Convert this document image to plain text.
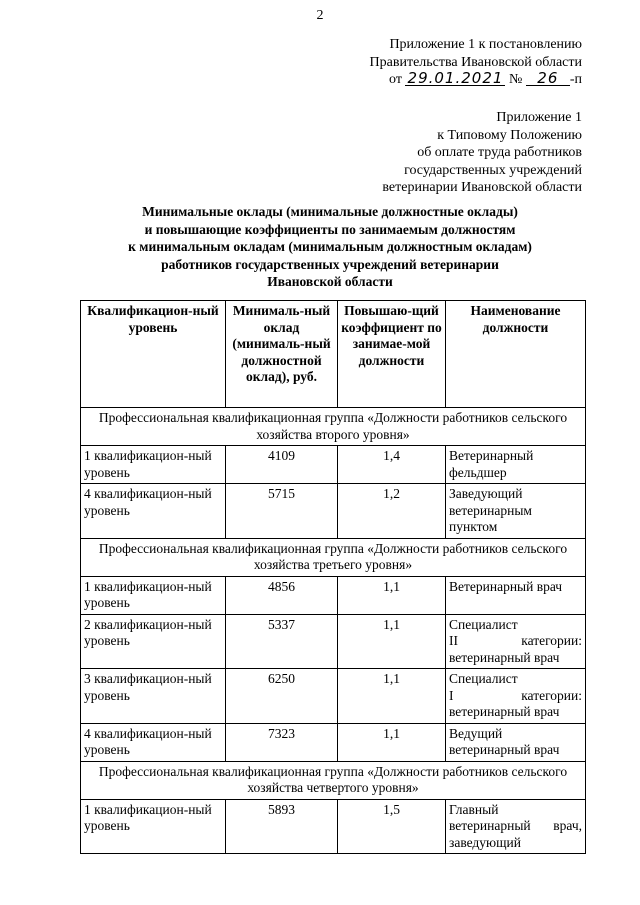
2
Приложение 1 к постановлению
Правительства Ивановской области
от 29.01.2021 № 26 -п
Приложение 1
к Типовому Положению
об оплате труда работников
государственных учреждений
ветеринарии Ивановской области
Минимальные оклады (минимальные должностные оклады)
и повышающие коэффициенты по занимаемым должностям
к минимальным окладам (минимальным должностным окладам)
работников государственных учреждений ветеринарии
Ивановской области
Квалификацион-ный уровень	Минималь-ный оклад (минималь-ный должностной оклад), руб.	Повышаю-щий коэффициент по занимае-мой должности	Наименование должности
Профессиональная квалификационная группа «Должности работников сельского хозяйства второго уровня»			
1 квалификацион-ный уровень	4109	1,4	Ветеринарный фельдшер
4 квалификацион-ный уровень	5715	1,2	Заведующий ветеринарным пунктом
Профессиональная квалификационная группа «Должности работников сельского хозяйства третьего уровня»			
1 квалификацион-ный уровень	4856	1,1	Ветеринарный врач
2 квалификацион-ный уровень	5337	1,1	Специалист
II категории:
ветеринарный врач

3 квалификацион-ный уровень	6250	1,1	Специалист
I категории:
ветеринарный врач

4 квалификацион-ный уровень	7323	1,1	Ведущий ветеринарный врач
Профессиональная квалификационная группа «Должности работников сельского хозяйства четвертого уровня»			
1 квалификацион-ный уровень	5893	1,5	Главный ветеринарный врач, заведующий
